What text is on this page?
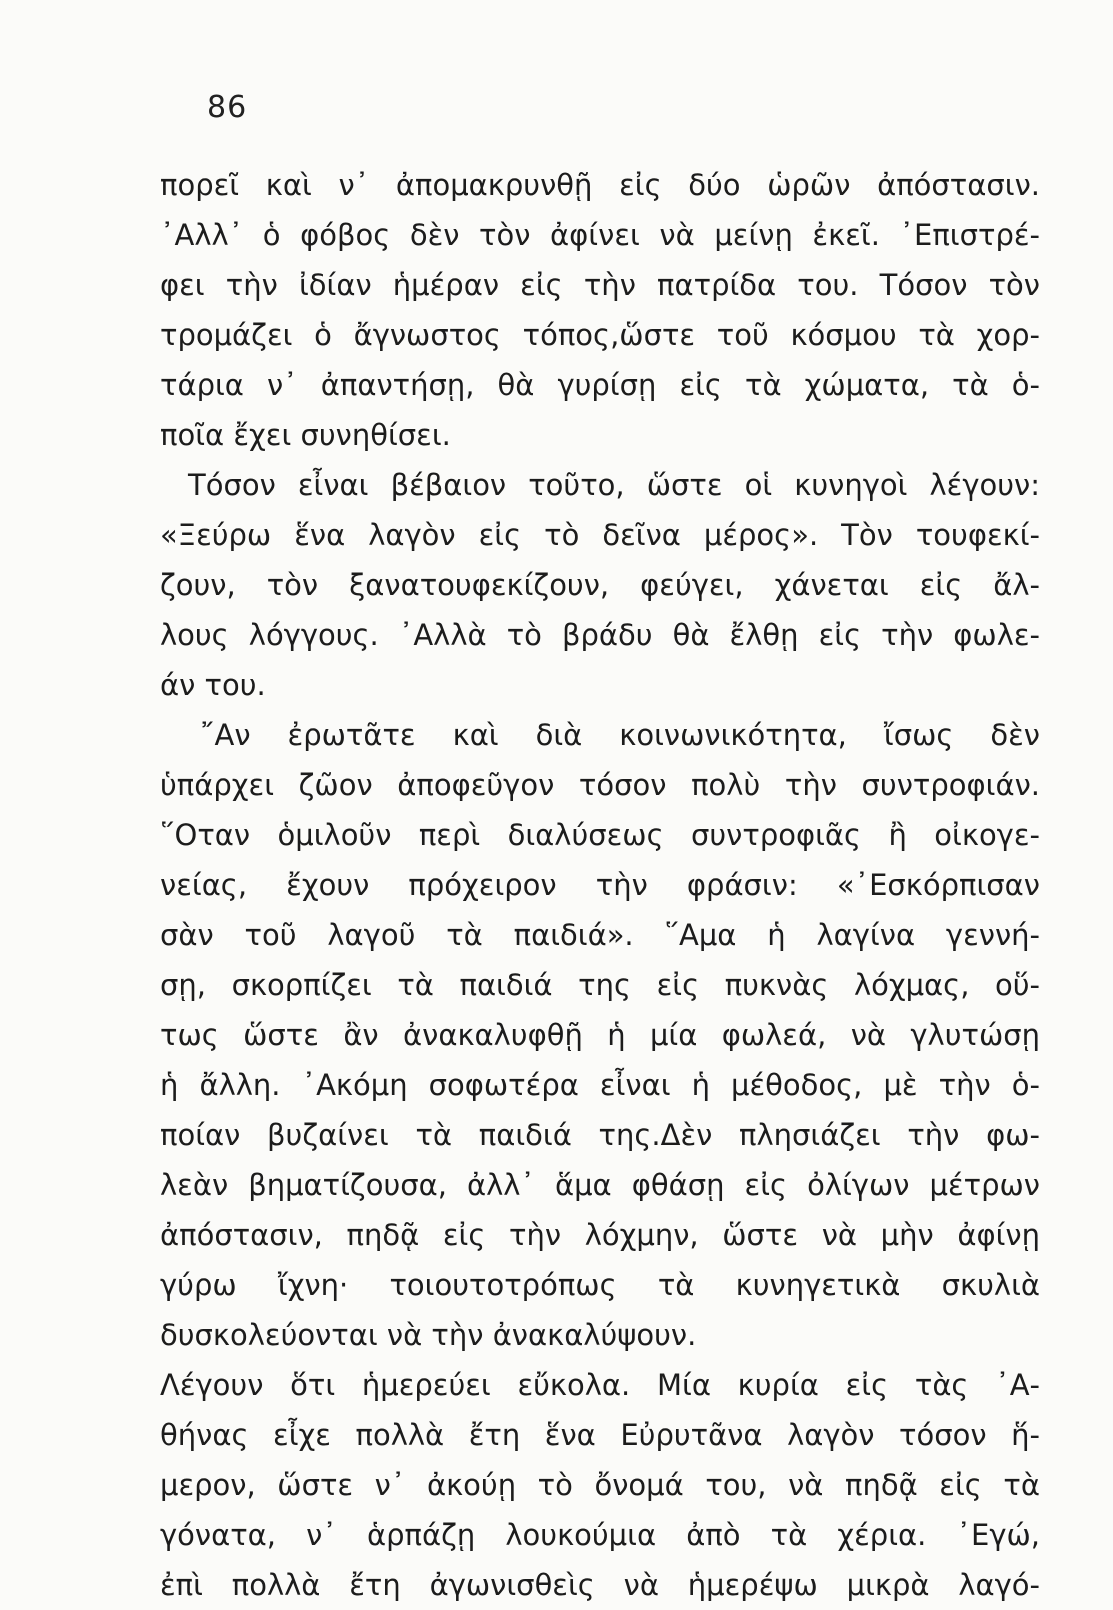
86
πορεῖ καὶ ν᾽ ἀπομακρυνθῇ εἰς δύο ὡρῶν ἀπόστασιν.
᾽Αλλ᾽ ὁ φόβος δὲν τὸν ἀφίνει νὰ μείνῃ ἐκεῖ. ᾽Επιστρέ-
φει τὴν ἰδίαν ἡμέραν εἰς τὴν πατρίδα του. Τόσον τὸν
τρομάζει ὁ ἄγνωστος τόπος,ὥστε τοῦ κόσμου τὰ χορ-
τάρια ν᾽ ἀπαντήσῃ, θὰ γυρίσῃ εἰς τὰ χώματα, τὰ ὁ-
ποῖα ἔχει συνηθίσει.
Τόσον εἶναι βέβαιον τοῦτο, ὥστε οἱ κυνηγοὶ λέγουν:
«Ξεύρω ἕνα λαγὸν εἰς τὸ δεῖνα μέρος». Τὸν τουφεκί-
ζουν, τὸν ξανατουφεκίζουν, φεύγει, χάνεται εἰς ἄλ-
λους λόγγους. ᾽Αλλὰ τὸ βράδυ θὰ ἔλθῃ εἰς τὴν φωλε-
άν του.
῎Αν ἐρωτᾶτε καὶ διὰ κοινωνικότητα, ἴσως δὲν
ὑπάρχει ζῶον ἀποφεῦγον τόσον πολὺ τὴν συντροφιάν.
῞Οταν ὁμιλοῦν περὶ διαλύσεως συντροφιᾶς ἢ οἰκογε-
νείας, ἔχουν πρόχειρον τὴν φράσιν: «᾽Εσκόρπισαν
σὰν τοῦ λαγοῦ τὰ παιδιά». ῞Αμα ἡ λαγίνα γεννή-
σῃ, σκορπίζει τὰ παιδιά της εἰς πυκνὰς λόχμας, οὕ-
τως ὥστε ἂν ἀνακαλυφθῇ ἡ μία φωλεά, νὰ γλυτώσῃ
ἡ ἄλλη. ᾽Ακόμη σοφωτέρα εἶναι ἡ μέθοδος, μὲ τὴν ὁ-
ποίαν βυζαίνει τὰ παιδιά της.Δὲν πλησιάζει τὴν φω-
λεὰν βηματίζουσα, ἀλλ᾽ ἅμα φθάσῃ εἰς ὀλίγων μέτρων
ἀπόστασιν, πηδᾷ εἰς τὴν λόχμην, ὥστε νὰ μὴν ἀφίνῃ
γύρω ἴχνη· τοιουτοτρόπως τὰ κυνηγετικὰ σκυλιὰ
δυσκολεύονται νὰ τὴν ἀνακαλύψουν.
Λέγουν ὅτι ἡμερεύει εὔκολα. Μία κυρία εἰς τὰς ᾽Α-
θήνας εἶχε πολλὰ ἔτη ἕνα Εὐρυτᾶνα λαγὸν τόσον ἥ-
μερον, ὥστε ν᾽ ἀκούῃ τὸ ὄνομά του, νὰ πηδᾷ εἰς τὰ
γόνατα, ν᾽ ἁρπάζῃ λουκούμια ἀπὸ τὰ χέρια. ᾽Εγώ,
ἐπὶ πολλὰ ἔτη ἀγωνισθεὶς νὰ ἡμερέψω μικρὰ λαγό-
